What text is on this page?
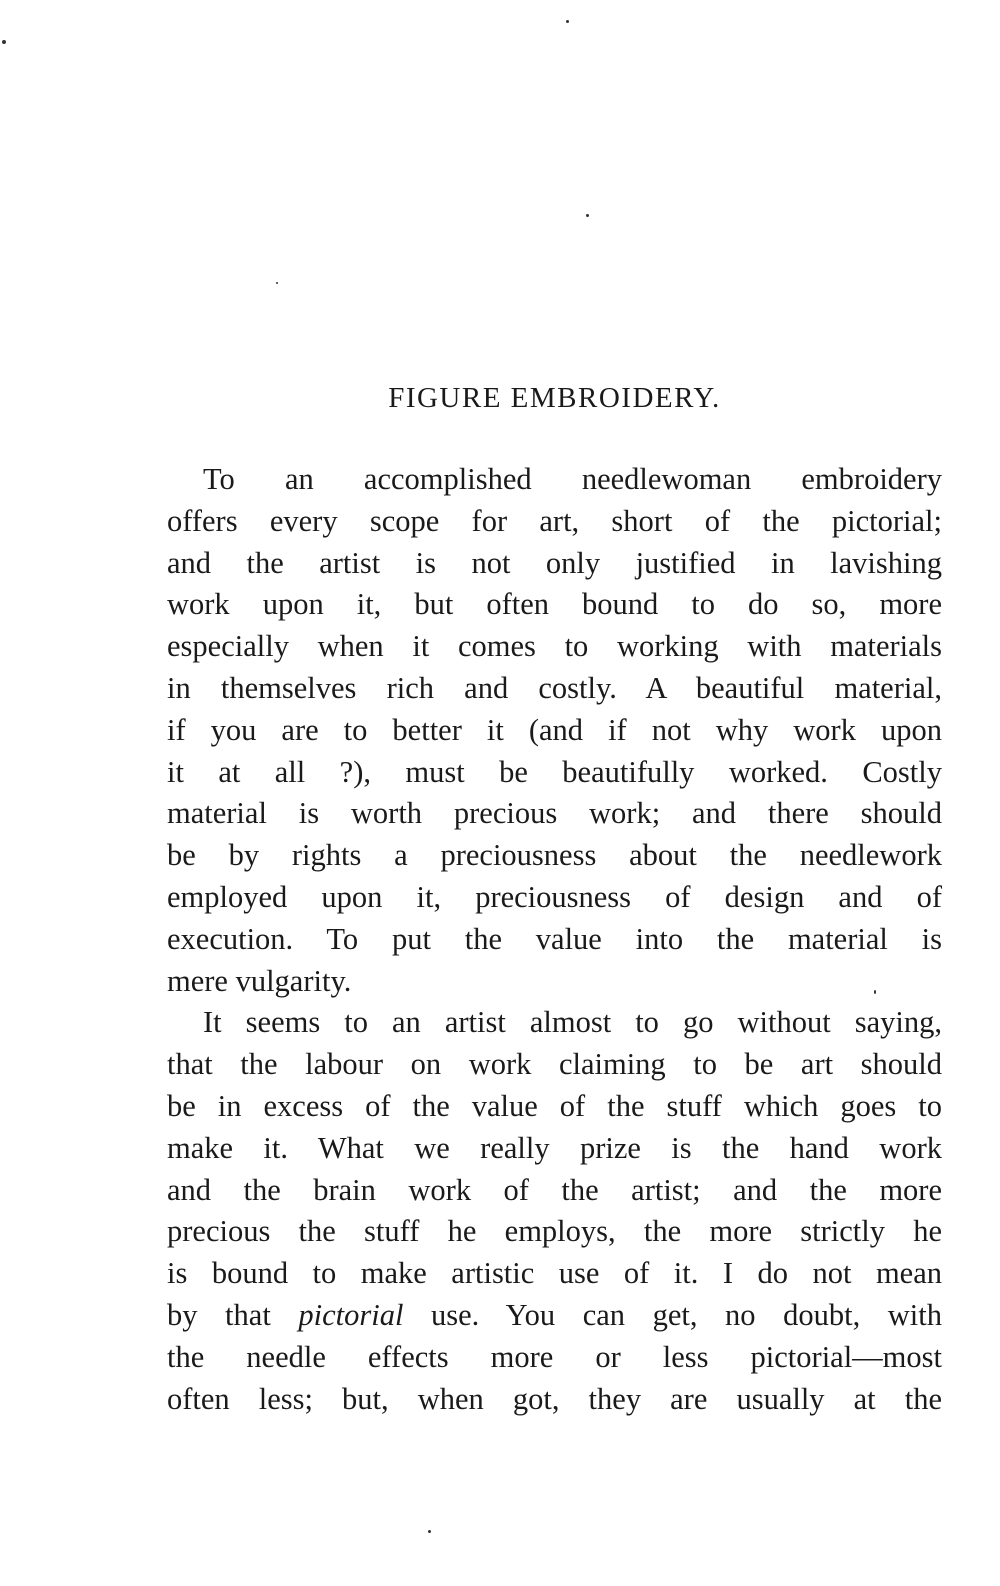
FIGURE EMBROIDERY.
To an accomplished needlewoman embroidery
offers every scope for art, short of the pictorial;
and the artist is not only justified in lavishing
work upon it, but often bound to do so, more
especially when it comes to working with materials
in themselves rich and costly. A beautiful material,
if you are to better it (and if not why work upon
it at all ?), must be beautifully worked. Costly
material is worth precious work; and there should
be by rights a preciousness about the needlework
employed upon it, preciousness of design and of
execution. To put the value into the material is
mere vulgarity.
It seems to an artist almost to go without saying,
that the labour on work claiming to be art should
be in excess of the value of the stuff which goes to
make it. What we really prize is the hand work
and the brain work of the artist; and the more
precious the stuff he employs, the more strictly he
is bound to make artistic use of it. I do not mean
by that pictorial use. You can get, no doubt, with
the needle effects more or less pictorial—most
often less; but, when got, they are usually at the
